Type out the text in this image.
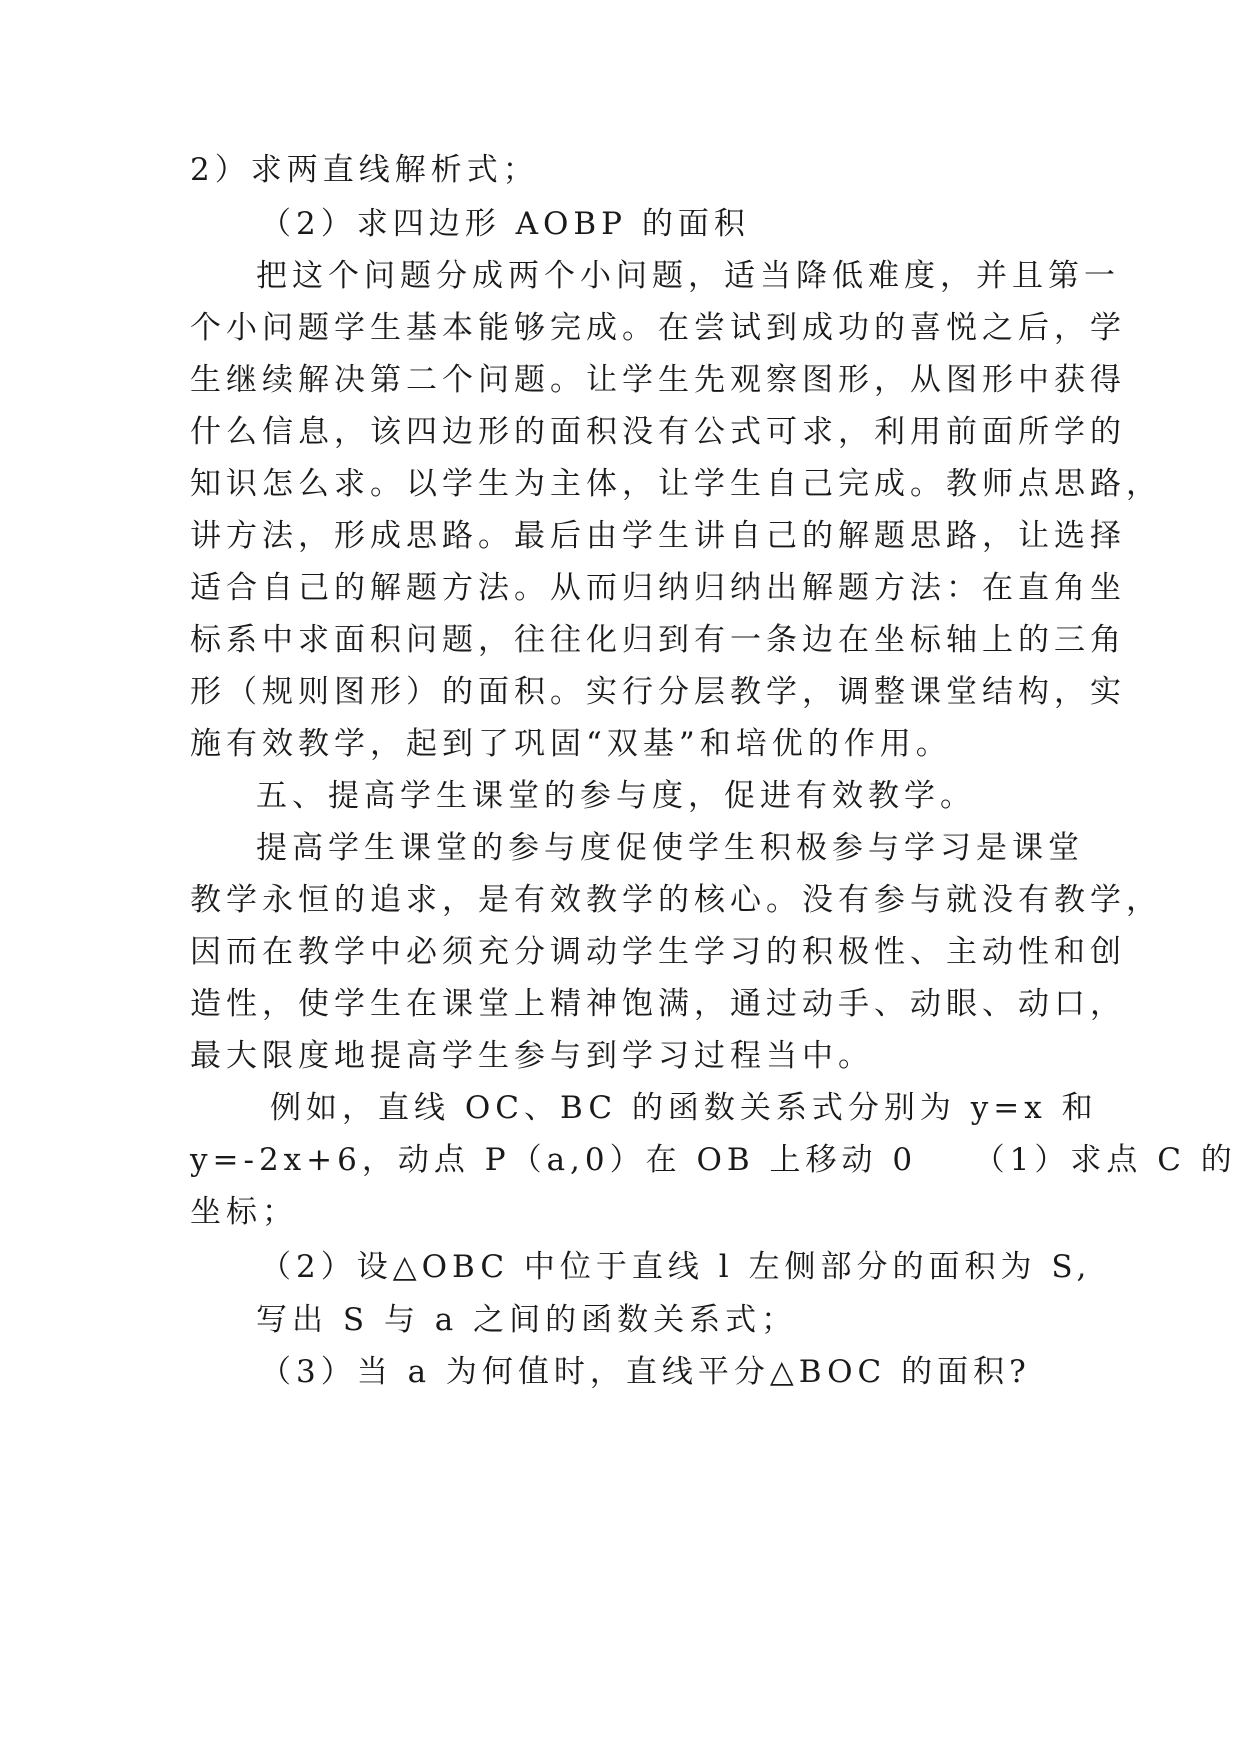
2）求两直线解析式；

（2）求四边形 AOBP 的面积

把这个问题分成两个小问题，适当降低难度，并且第一

个小问题学生基本能够完成。在尝试到成功的喜悦之后，学

生继续解决第二个问题。让学生先观察图形，从图形中获得

什么信息，该四边形的面积没有公式可求，利用前面所学的

知识怎么求。以学生为主体，让学生自己完成。教师点思路，

讲方法，形成思路。最后由学生讲自己的解题思路，让选择

适合自己的解题方法。从而归纳归纳出解题方法：在直角坐

标系中求面积问题，往往化归到有一条边在坐标轴上的三角

形（规则图形）的面积。实行分层教学，调整课堂结构，实

施有效教学，起到了巩固“双基”和培优的作用。

五、提高学生课堂的参与度，促进有效教学。

提高学生课堂的参与度促使学生积极参与学习是课堂

教学永恒的追求，是有效教学的核心。没有参与就没有教学，

因而在教学中必须充分调动学生学习的积极性、主动性和创

造性，使学生在课堂上精神饱满，通过动手、动眼、动口，

最大限度地提高学生参与到学习过程当中。

例如，直线 OC、BC 的函数关系式分别为 y=x 和

y=-2x+6，动点 P（a,0）在 OB 上移动 0　　（1）求点 C 的

坐标；

（2）设△OBC 中位于直线 l 左侧部分的面积为 S,

写出 S 与 a 之间的函数关系式；

（3）当 a 为何值时，直线平分△BOC 的面积?
